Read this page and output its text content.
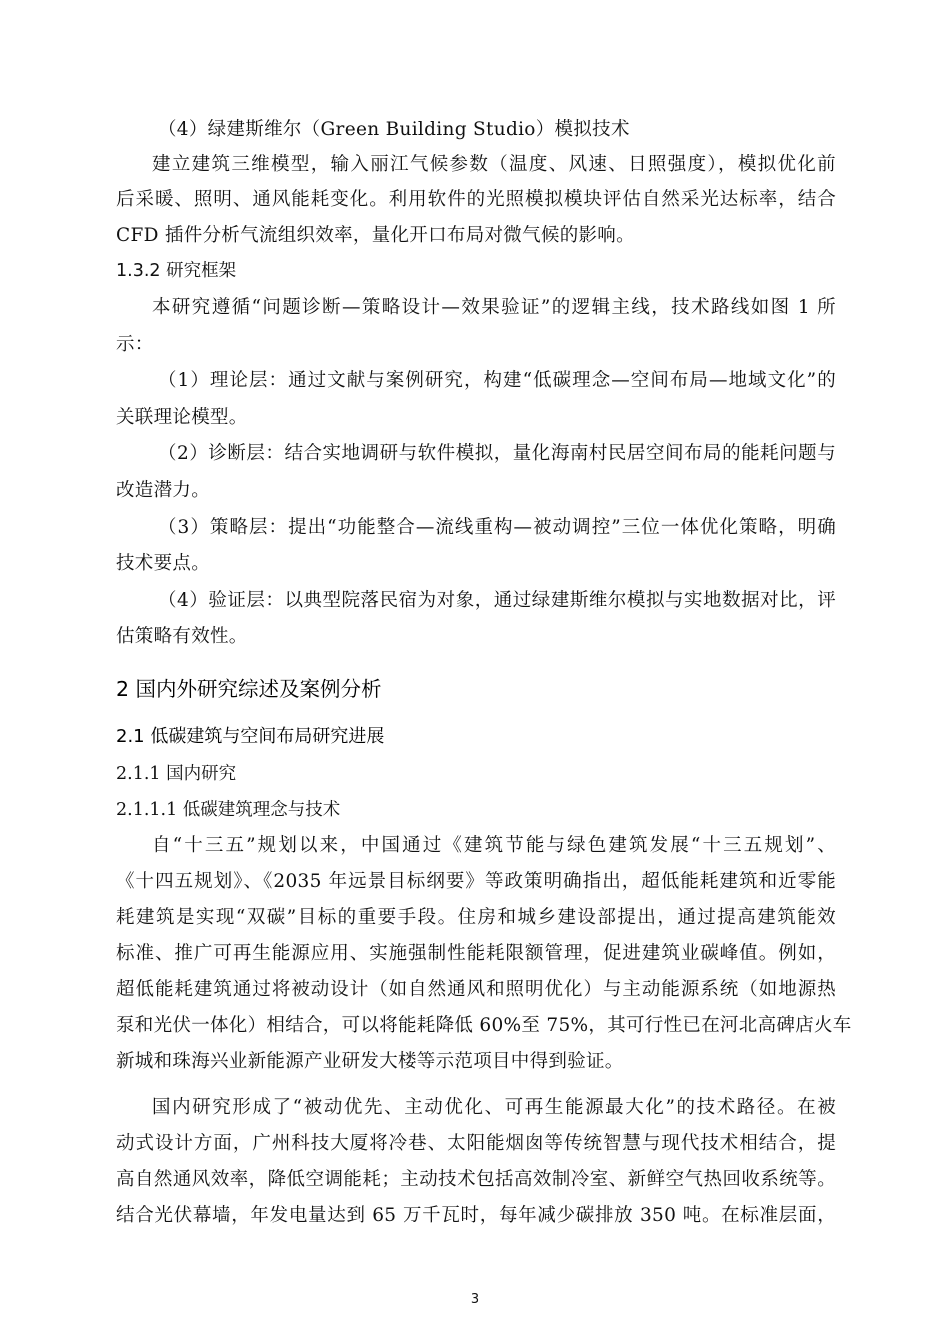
（4）绿建斯维尔（Green Building Studio）模拟技术
建立建筑三维模型，输入丽江气候参数（温度、风速、日照强度），模拟优化前
后采暖、照明、通风能耗变化。利用软件的光照模拟模块评估自然采光达标率，结合
CFD 插件分析气流组织效率，量化开口布局对微气候的影响。
1.3.2 研究框架
本研究遵循“问题诊断—策略设计—效果验证”的逻辑主线，技术路线如图 1 所
示：
（1）理论层：通过文献与案例研究，构建“低碳理念—空间布局—地域文化”的
关联理论模型。
（2）诊断层：结合实地调研与软件模拟，量化海南村民居空间布局的能耗问题与
改造潜力。
（3）策略层：提出“功能整合—流线重构—被动调控”三位一体优化策略，明确
技术要点。
（4）验证层：以典型院落民宿为对象，通过绿建斯维尔模拟与实地数据对比，评
估策略有效性。
2 国内外研究综述及案例分析
2.1 低碳建筑与空间布局研究进展
2.1.1 国内研究
2.1.1.1 低碳建筑理念与技术
自“十三五”规划以来，中国通过《建筑节能与绿色建筑发展“十三五规划”、
《十四五规划》、《2035 年远景目标纲要》等政策明确指出，超低能耗建筑和近零能
耗建筑是实现“双碳”目标的重要手段。住房和城乡建设部提出，通过提高建筑能效
标准、推广可再生能源应用、实施强制性能耗限额管理，促进建筑业碳峰值。例如，
超低能耗建筑通过将被动设计（如自然通风和照明优化）与主动能源系统（如地源热
泵和光伏一体化）相结合，可以将能耗降低 60%至 75%，其可行性已在河北高碑店火车
新城和珠海兴业新能源产业研发大楼等示范项目中得到验证。
国内研究形成了“被动优先、主动优化、可再生能源最大化”的技术路径。在被
动式设计方面，广州科技大厦将冷巷、太阳能烟囱等传统智慧与现代技术相结合，提
高自然通风效率，降低空调能耗；主动技术包括高效制冷室、新鲜空气热回收系统等。
结合光伏幕墙，年发电量达到 65 万千瓦时，每年减少碳排放 350 吨。在标准层面，
3
